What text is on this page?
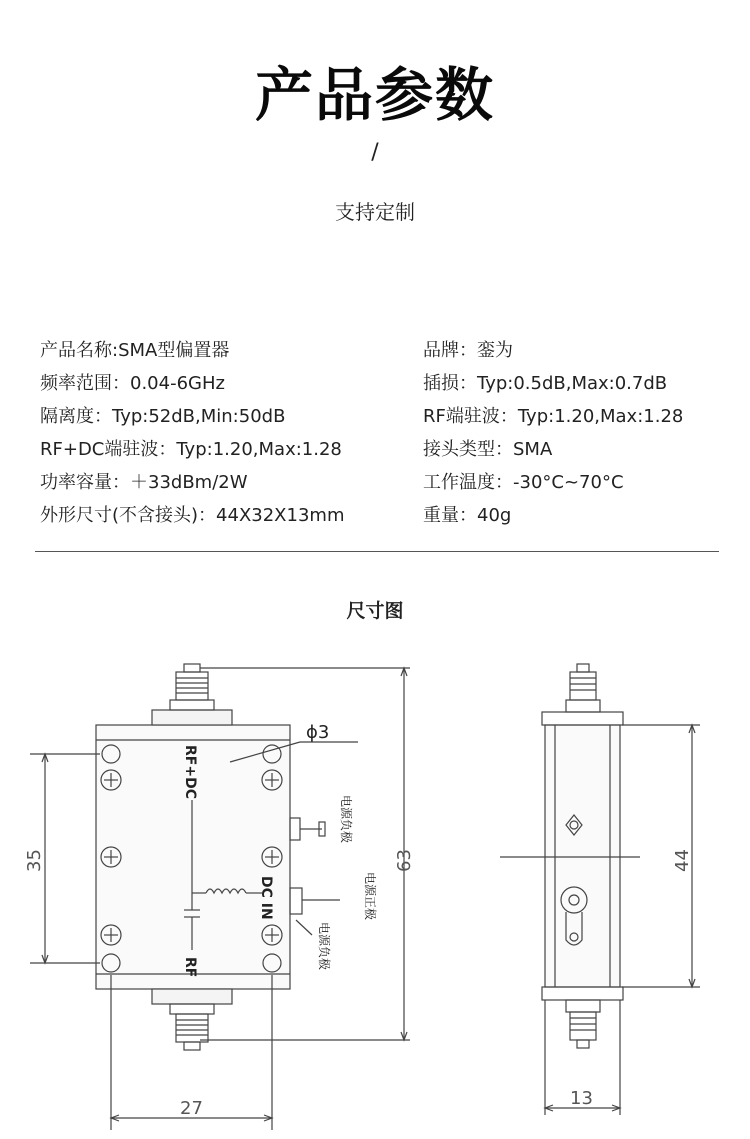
产品参数
/
支持定制
产品名称:SMA型偏置器
频率范围：0.04-6GHz
隔离度：Typ:52dB,Min:50dB
RF+DC端驻波：Typ:1.20,Max:1.28
功率容量：＋33dBm/2W
外形尺寸(不含接头)：44X32X13mm
品牌：銮为
插损：Typ:0.5dB,Max:0.7dB
RF端驻波：Typ:1.20,Max:1.28
接头类型：SMA
工作温度：-30°C~70°C
重量：40g
尺寸图
ϕ3
RF+DC
DC IN
RF
35	63
27
44
13
电源负极
电源正极
电源负极
